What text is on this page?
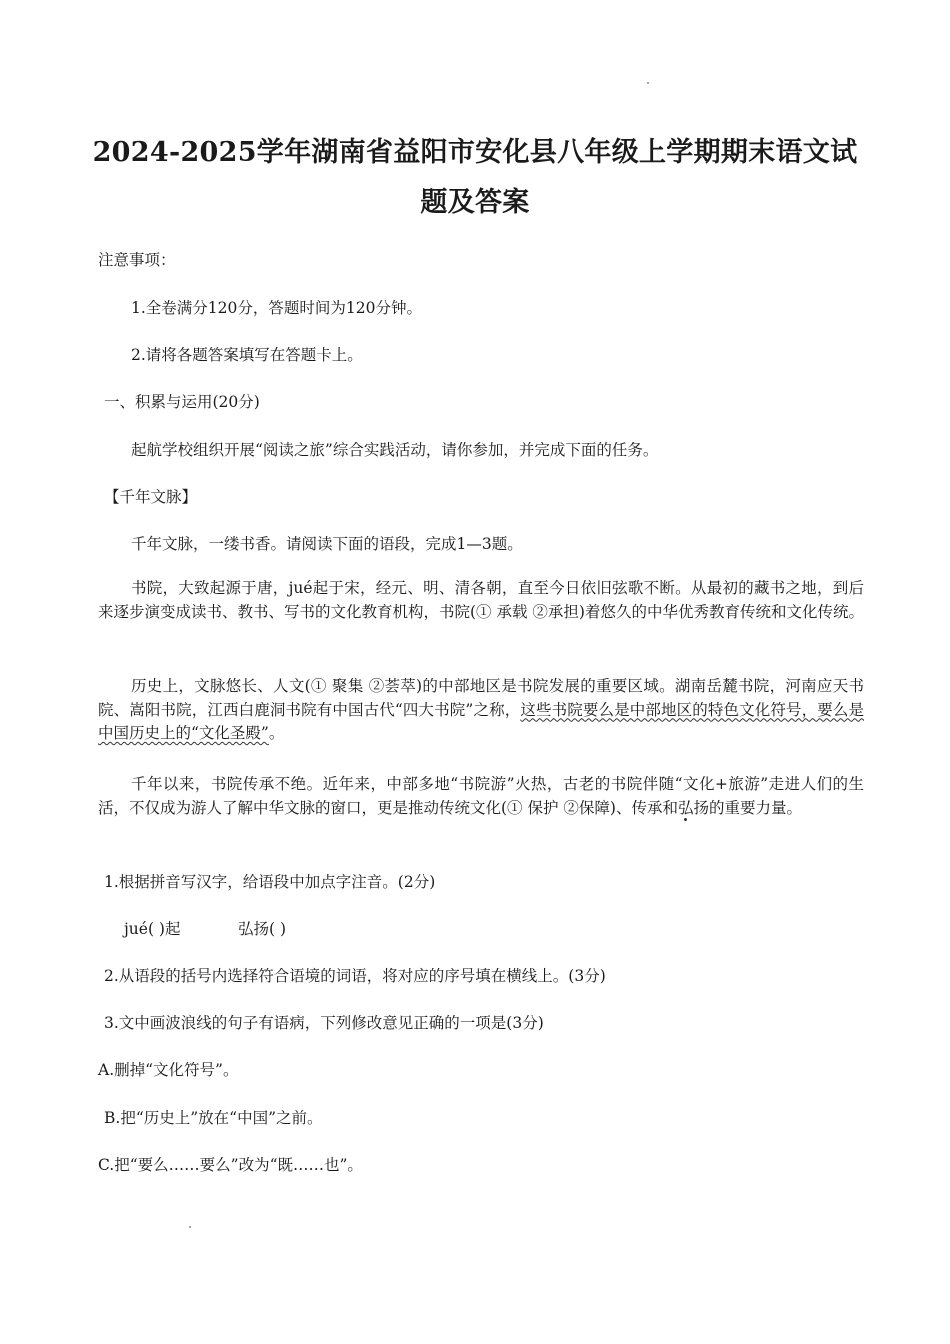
2024-2025学年湖南省益阳市安化县八年级上学期期末语文试题及答案
注意事项：
1.全卷满分120分，答题时间为120分钟。
2.请将各题答案填写在答题卡上。
一、积累与运用(20分)
起航学校组织开展“阅读之旅”综合实践活动，请你参加，并完成下面的任务。
【千年文脉】
千年文脉，一缕书香。请阅读下面的语段，完成1—3题。
书院，大致起源于唐，jué起于宋，经元、明、清各朝，直至今日依旧弦歌不断。从最初的藏书之地，到后来逐步演变成读书、教书、写书的文化教育机构，书院(① 承载 ②承担)着悠久的中华优秀教育传统和文化传统。
历史上，文脉悠长、人文(① 聚集 ②荟萃)的中部地区是书院发展的重要区域。湖南岳麓书院，河南应天书院、嵩阳书院，江西白鹿洞书院有中国古代“四大书院”之称，这些书院要么是中部地区的特色文化符号，要么是中国历史上的“文化圣殿”。
千年以来，书院传承不绝。近年来，中部多地“书院游”火热，古老的书院伴随“文化+旅游”走进人们的生活，不仅成为游人了解中华文脉的窗口，更是推动传统文化(① 保护 ②保障)、传承和弘扬的重要力量。
1.根据拼音写汉字，给语段中加点字注音。(2分)
jué( )起	弘扬( )
2.从语段的括号内选择符合语境的词语，将对应的序号填在横线上。(3分)
3.文中画波浪线的句子有语病，下列修改意见正确的一项是(3分)
A.删掉“文化符号”。
B.把“历史上”放在“中国”之前。
C.把“要么……要么”改为“既……也”。
